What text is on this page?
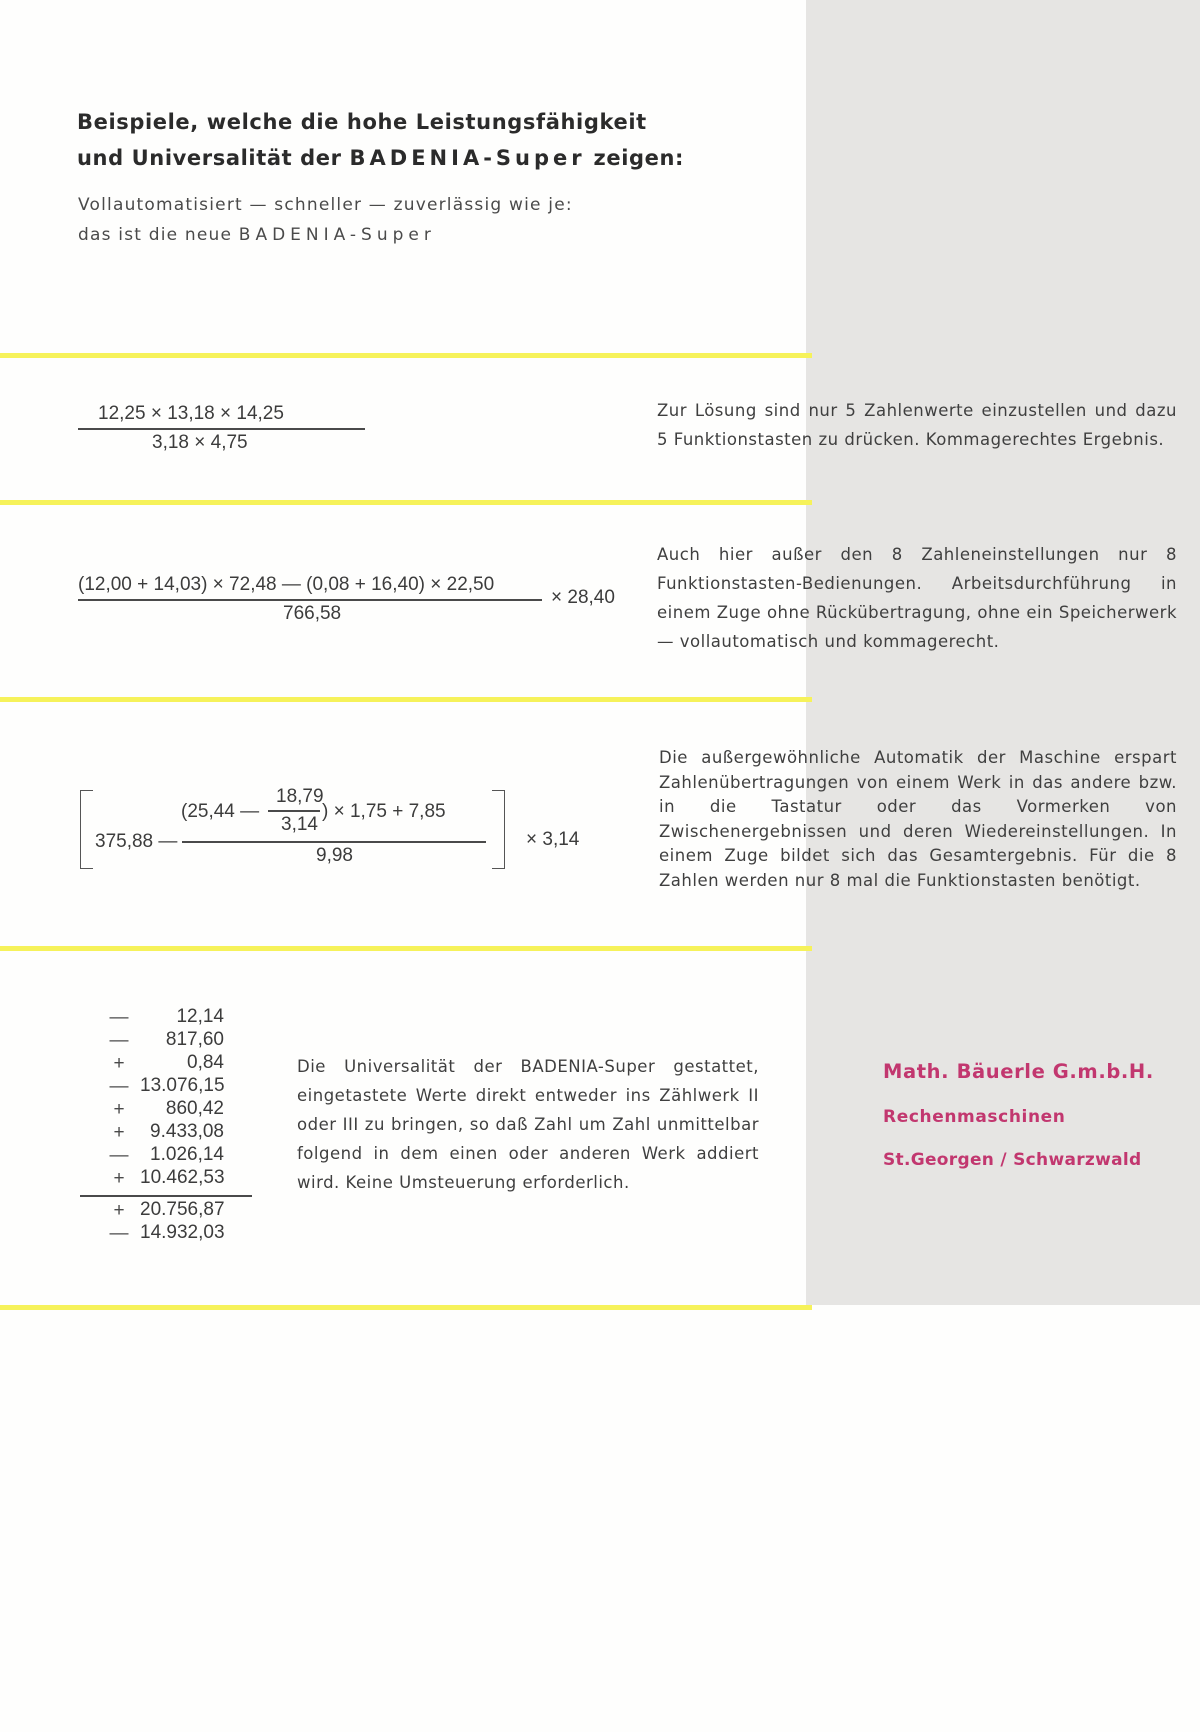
Beispiele, welche die hohe Leistungsfähigkeit
und Universalität der BADENIA-Super zeigen:
Vollautomatisiert — schneller — zuverlässig wie je:
das ist die neue BADENIA-Super
12,25 × 13,18 × 14,25
3,18 × 4,75
Zur Lösung sind nur 5 Zahlenwerte einzustellen und dazu 5 Funktionstasten zu drücken. Kommagerechtes Ergebnis.
(12,00 + 14,03) × 72,48 — (0,08 + 16,40) × 22,50
766,58
× 28,40
Auch hier außer den 8 Zahleneinstellungen nur 8 Funktionstasten-Bedienungen. Arbeitsdurchführung in einem Zuge ohne Rückübertragung, ohne ein Speicherwerk — vollautomatisch und kommagerecht.
375,88 —
(25,44 —
18,79
3,14
) × 1,75 + 7,85
9,98
× 3,14
Die außergewöhnliche Automatik der Maschine erspart Zahlenübertragungen von einem Werk in das andere bzw. in die Tastatur oder das Vormerken von Zwischenergebnissen und deren Wiedereinstellungen. In einem Zuge bildet sich das Gesamtergebnis. Für die 8 Zahlen werden nur 8 mal die Funktionstasten benötigt.
—	12,14
—	817,60
+	0,84
— 13.076,15
+	860,42
+	9.433,08
—	1.026,14
+ 10.462,53
+ 20.756,87
— 14.932,03
Die Universalität der BADENIA-Super gestattet, eingetastete Werte direkt entweder ins Zählwerk II oder III zu bringen, so daß Zahl um Zahl unmittelbar folgend in dem einen oder anderen Werk addiert wird. Keine Umsteuerung erforderlich.
Math. Bäuerle G.m.b.H.
Rechenmaschinen
St.Georgen / Schwarzwald
